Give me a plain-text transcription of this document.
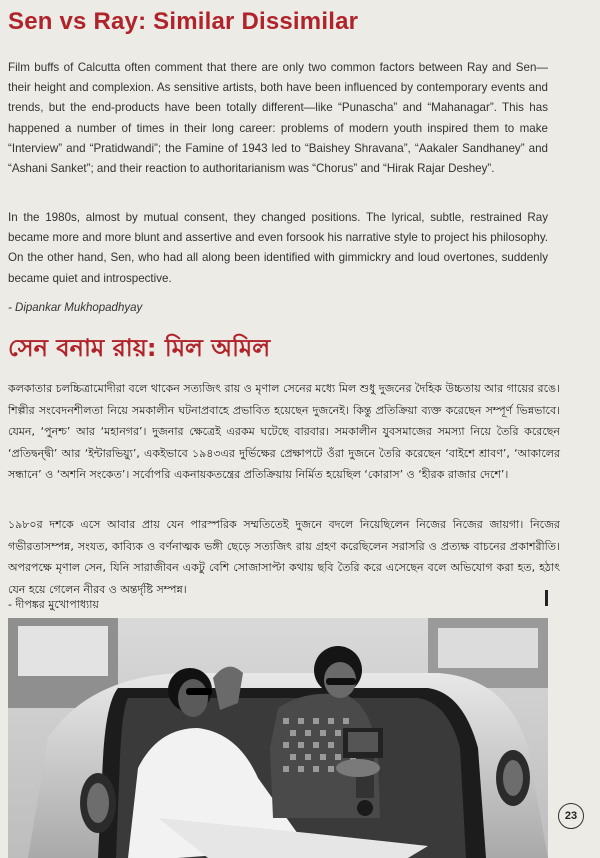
Sen vs Ray: Similar Dissimilar

Film buffs of Calcutta often comment that there are only two common factors between Ray and Sen—their height and complexion. As sensitive artists, both have been influenced by contemporary events and trends, but the end-products have been totally different—like “Punascha” and “Mahanagar”. This has happened a number of times in their long career: problems of modern youth inspired them to make “Interview” and “Pratidwandi”; the Famine of 1943 led to “Baishey Shravana”, “Aakaler Sandhaney” and “Ashani Sanket”; and their reaction to authoritarianism was “Chorus” and “Hirak Rajar Deshey”.

In the 1980s, almost by mutual consent, they changed positions. The lyrical, subtle, restrained Ray became more and more blunt and assertive and even forsook his narrative style to project his philosophy. On the other hand, Sen, who had all along been identified with gimmickry and loud overtones, suddenly became quiet and introspective.

- Dipankar Mukhopadhyay

সেন বনাম রায়: মিল অমিল

কলকাতার চলচ্চিত্রামোদীরা বলে থাকেন সত্যজিৎ রায় ও মৃণাল সেনের মধ্যে মিল শুধু দুজনের দৈহিক উচ্চতায় আর গায়ের রঙে। শিল্পীর সংবেদনশীলতা নিয়ে সমকালীন ঘটনাপ্রবাহে প্রভাবিত হয়েছেন দুজনেই। কিন্তু প্রতিক্রিয়া ব্যক্ত করেছেন সম্পূর্ণ ভিন্নভাবে। যেমন, ‘পুনশ্চ’ আর ‘মহানগর’। দুজনার ক্ষেত্রেই এরকম ঘটেছে বারবার। সমকালীন যুবসমাজের সমস্যা নিয়ে তৈরি করেছেন ‘প্রতিদ্বন্দ্বী’ আর ‘ইন্টারভিয়্যু’, একইভাবে ১৯৪৩এর দুর্ভিক্ষের প্রেক্ষাপটে ওঁরা দুজনে তৈরি করেছেন ‘বাইশে শ্রাবণ’, ‘আকালের সন্ধানে’ ও ‘অশনি সংকেত’। সর্বোপরি একনায়কতন্ত্রের প্রতিক্রিয়ায় নির্মিত হয়েছিল ‘কোরাস’ ও ‘হীরক রাজার দেশে’।

১৯৮০র দশকে এসে আবার প্রায় যেন পারস্পরিক সম্মতিতেই দুজনে বদলে নিয়েছিলেন নিজের নিজের জায়গা। নিজের গভীরতাসম্পন্ন, সংযত, কাব্যিক ও বর্ণনাত্মক ভঙ্গী ছেড়ে সত্যজিৎ রায় গ্রহণ করেছিলেন সরাসরি ও প্রত্যক্ষ বাচনের প্রকাশরীতি। অপরপক্ষে মৃণাল সেন, যিনি সারাজীবন একটু বেশি সোজাসাপ্টা কথায় ছবি তৈরি করে এসেছেন বলে অভিযোগ করা হত, হঠাৎ যেন হয়ে গেলেন নীরব ও অন্তর্দৃষ্টি সম্পন্ন।

- দীপঙ্কর মুখোপাধ্যায়

23
